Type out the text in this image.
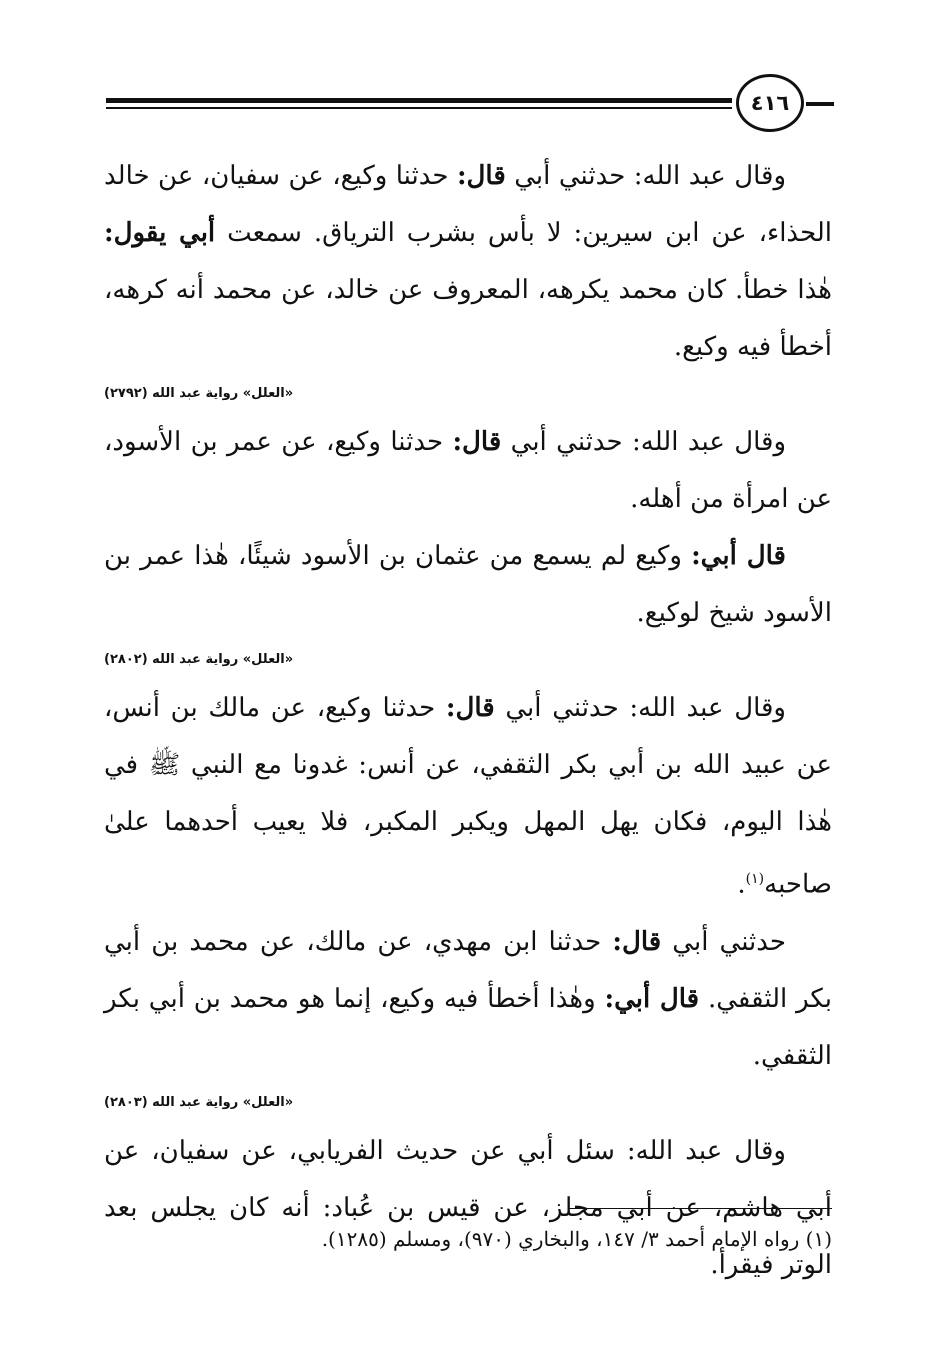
٤١٦

وقال عبد الله: حدثني أبي قال: حدثنا وكيع، عن سفيان، عن خالد الحذاء، عن ابن سيرين: لا بأس بشرب الترياق. سمعت أبي يقول: هٰذا خطأ. كان محمد يكرهه، المعروف عن خالد، عن محمد أنه كرهه، أخطأ فيه وكيع.

«العلل» رواية عبد الله (٢٧٩٢)

وقال عبد الله: حدثني أبي قال: حدثنا وكيع، عن عمر بن الأسود، عن امرأة من أهله.

قال أبي: وكيع لم يسمع من عثمان بن الأسود شيئًا، هٰذا عمر بن الأسود شيخ لوكيع.

«العلل» رواية عبد الله (٢٨٠٢)

وقال عبد الله: حدثني أبي قال: حدثنا وكيع، عن مالك بن أنس، عن عبيد الله بن أبي بكر الثقفي، عن أنس: غدونا مع النبي ﷺ في هٰذا اليوم، فكان يهل المهل ويكبر المكبر، فلا يعيب أحدهما علىٰ صاحبه$^{(١)}$.

حدثني أبي قال: حدثنا ابن مهدي، عن مالك، عن محمد بن أبي بكر الثقفي. قال أبي: وهٰذا أخطأ فيه وكيع، إنما هو محمد بن أبي بكر الثقفي.

«العلل» رواية عبد الله (٢٨٠٣)

وقال عبد الله: سئل أبي عن حديث الفريابي، عن سفيان، عن أبي هاشم، عن أبي مجلز، عن قيس بن عُباد: أنه كان يجلس بعد الوتر فيقرأ.

(١) رواه الإمام أحمد ٣/ ١٤٧، والبخاري (٩٧٠)، ومسلم (١٢٨٥).
